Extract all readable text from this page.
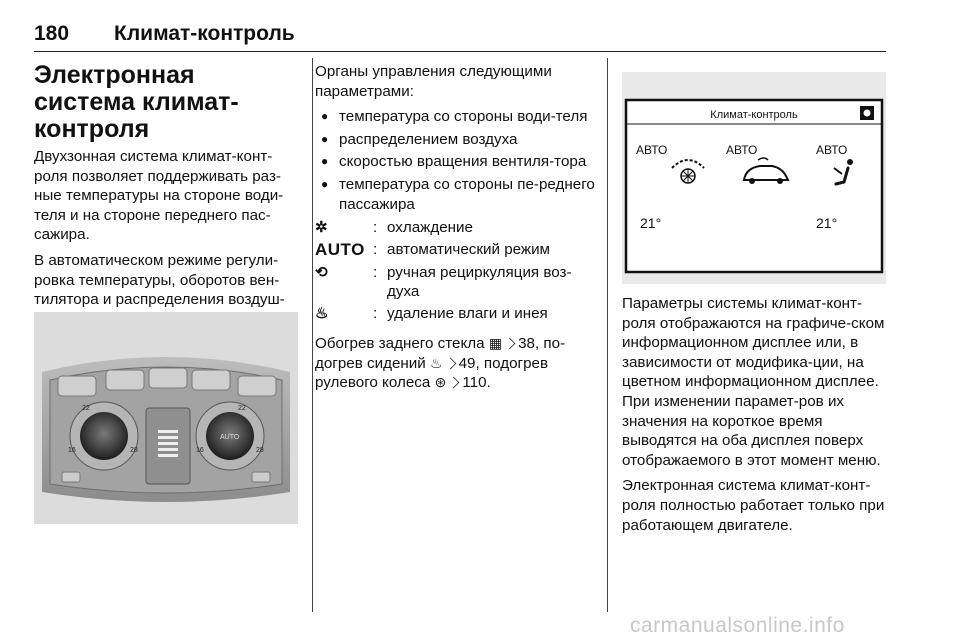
180 Климат-контроль
Электронная система климат-контроля

Двухзонная система климат-конт-роля позволяет поддерживать раз-ные температуры на стороне води-теля и на стороне переднего пас-сажира.

В автоматическом режиме регули-ровка температуры, оборотов вен-тилятора и распределения воздуш-

22
16	28
AUTO
22
16	28

Органы управления следующими параметрами:

● температура со стороны води-теля
● распределением воздуха
● скоростью вращения вентиля-тора
● температура со стороны пе-реднего пассажира
✲	:	охлаждение
AUTO	:	автоматический режим
⟲	:	ручная рециркуляция воз-духа
♨	:	удаление влаги и инея

Обогрев заднего стекла ▦ 38, по-догрев сидений ♨ 49, подогрев рулевого колеса ⊛ 110.

Климат-контроль
АВТО	АВТО	АВТО
21°	21°

Параметры системы климат-конт-роля отображаются на графиче-ском информационном дисплее или, в зависимости от модифика-ции, на цветном информационном дисплее. При изменении парамет-ров их значения на короткое время выводятся на оба дисплея поверх отображаемого в этот момент меню.

Электронная система климат-конт-роля полностью работает только при работающем двигателе.

carmanualsonline.info
